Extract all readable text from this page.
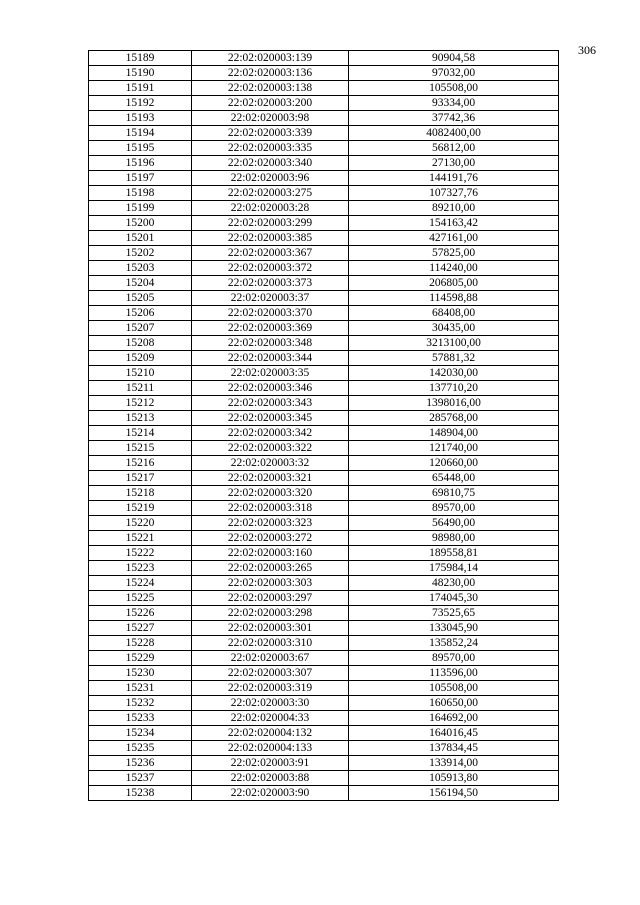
306
15189	22:02:020003:139	90904,58
15190	22:02:020003:136	97032,00
15191	22:02:020003:138	105508,00
15192	22:02:020003:200	93334,00
15193	22:02:020003:98	37742,36
15194	22:02:020003:339	4082400,00
15195	22:02:020003:335	56812,00
15196	22:02:020003:340	27130,00
15197	22:02:020003:96	144191,76
15198	22:02:020003:275	107327,76
15199	22:02:020003:28	89210,00
15200	22:02:020003:299	154163,42
15201	22:02:020003:385	427161,00
15202	22:02:020003:367	57825,00
15203	22:02:020003:372	114240,00
15204	22:02:020003:373	206805,00
15205	22:02:020003:37	114598,88
15206	22:02:020003:370	68408,00
15207	22:02:020003:369	30435,00
15208	22:02:020003:348	3213100,00
15209	22:02:020003:344	57881,32
15210	22:02:020003:35	142030,00
15211	22:02:020003:346	137710,20
15212	22:02:020003:343	1398016,00
15213	22:02:020003:345	285768,00
15214	22:02:020003:342	148904,00
15215	22:02:020003:322	121740,00
15216	22:02:020003:32	120660,00
15217	22:02:020003:321	65448,00
15218	22:02:020003:320	69810,75
15219	22:02:020003:318	89570,00
15220	22:02:020003:323	56490,00
15221	22:02:020003:272	98980,00
15222	22:02:020003:160	189558,81
15223	22:02:020003:265	175984,14
15224	22:02:020003:303	48230,00
15225	22:02:020003:297	174045,30
15226	22:02:020003:298	73525,65
15227	22:02:020003:301	133045,90
15228	22:02:020003:310	135852,24
15229	22:02:020003:67	89570,00
15230	22:02:020003:307	113596,00
15231	22:02:020003:319	105508,00
15232	22:02:020003:30	160650,00
15233	22:02:020004:33	164692,00
15234	22:02:020004:132	164016,45
15235	22:02:020004:133	137834,45
15236	22:02:020003:91	133914,00
15237	22:02:020003:88	105913,80
15238	22:02:020003:90	156194,50
